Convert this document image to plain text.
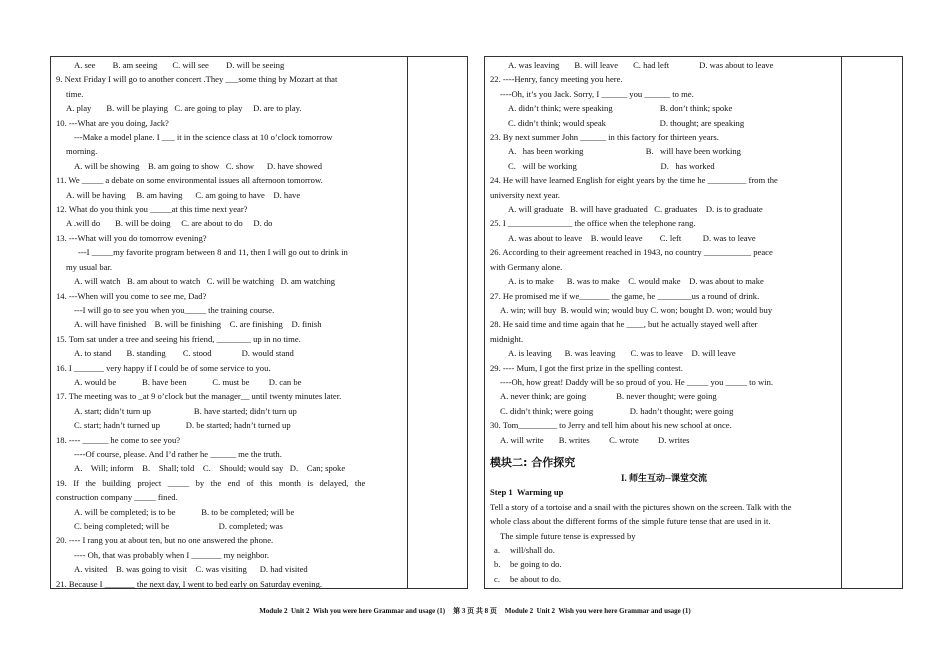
A. see        B. am seeing       C. will see        D. will be seeing
9. Next Friday I will go to another concert .They ___some thing by Mozart at that
time.
A. play       B. will be playing   C. are going to play     D. are to play.
10. ---What are you doing, Jack?
---Make a model plane. I ___ it in the science class at 10 o’clock tomorrow
morning.
A. will be showing    B. am going to show   C. show      D. have showed
11. We _____ a debate on some environmental issues all afternoon tomorrow.
A. will be having     B. am having      C. am going to have    D. have
12. What do you think you _____at this time next year?
A .will do       B. will be doing     C. are about to do     D. do
13. ---What will you do tomorrow evening?
---I _____my favorite program between 8 and 11, then I will go out to drink in
my usual bar.
A. will watch   B. am about to watch   C. will be watching   D. am watching
14. ---When will you come to see me, Dad?
---I will go to see you when you_____ the training course.
A. will have finished    B. will be finishing    C. are finishing    D. finish
15. Tom sat under a tree and seeing his friend, ________ up in no time.
A. to stand       B. standing        C. stood              D. would stand
16. I _______ very happy if I could be of some service to you.
A. would be            B. have been            C. must be         D. can be
17. The meeting was to _at 9 o’clock but the manager__ until twenty minutes later.
A. start; didn’t turn up                    B. have started; didn’t turn up
C. start; hadn’t turned up            D. be started; hadn’t turned up
18. ---- ______ he come to see you?
----Of course, please. And I’d rather he ______ me the truth.
A.    Will; inform    B.    Shall; told    C.    Should; would say   D.    Can; spoke
19.   If   the   building   project   _____   by   the   end   of   this   month   is   delayed,   the
construction company _____ fined.
A. will be completed; is to be            B. to be completed; will be
C. being completed; will be                       D. completed; was
20. ---- I rang you at about ten, but no one answered the phone.
---- Oh, that was probably when I _______ my neighbor.
A. visited    B. was going to visit    C. was visiting      D. had visited
21. Because I _______ the next day, I went to bed early on Saturday evening.
A. was leaving       B. will leave       C. had left              D. was about to leave
22. ----Henry, fancy meeting you here.
----Oh, it’s you Jack. Sorry, I ______ you ______ to me.
A. didn’t think; were speaking                      B. don’t think; spoke
C. didn’t think; would speak                         D. thought; are speaking
23. By next summer John ______ in this factory for thirteen years.
A.   has been working                             B.   will have been working
C.   will be working                                       D.   has worked
24. He will have learned English for eight years by the time he _________ from the
university next year.
A. will graduate   B. will have graduated   C. graduates    D. is to graduate
25. I _______________ the office when the telephone rang.
A. was about to leave    B. would leave        C. left          D. was to leave
26. According to their agreement reached in 1943, no country ___________ peace
with Germany alone.
A. is to make      B. was to make    C. would make    D. was about to make
27. He promised me if we_______ the game, he ________us a round of drink.
A. win; will buy  B. would win; would buy C. won; bought D. won; would buy
28. He said time and time again that he ____, but he actually stayed well after
midnight.
A. is leaving      B. was leaving       C. was to leave    D. will leave
29. ---- Mum, I got the first prize in the spelling contest.
----Oh, how great! Daddy will be so proud of you. He _____ you _____ to win.
A. never think; are going              B. never thought; were going
C. didn’t think; were going                 D. hadn’t thought; were going
30. Tom_________ to Jerry and tell him about his new school at once.
A. will write       B. writes         C. wrote         D. writes
模块二: 合作探究
I. 师生互动--课堂交流
Step 1  Warming up
Tell a story of a tortoise and a snail with the pictures shown on the screen. Talk with the
whole class about the different forms of the simple future tense that are used in it.
The simple future tense is expressed by
a. will/shall do.
b. be going to do.
c. be about to do.
Module 2  Unit 2  Wish you were here Grammar and usage (1) 第 3 页 共 8 页 Module 2  Unit 2  Wish you were here Grammar and usage (1)
